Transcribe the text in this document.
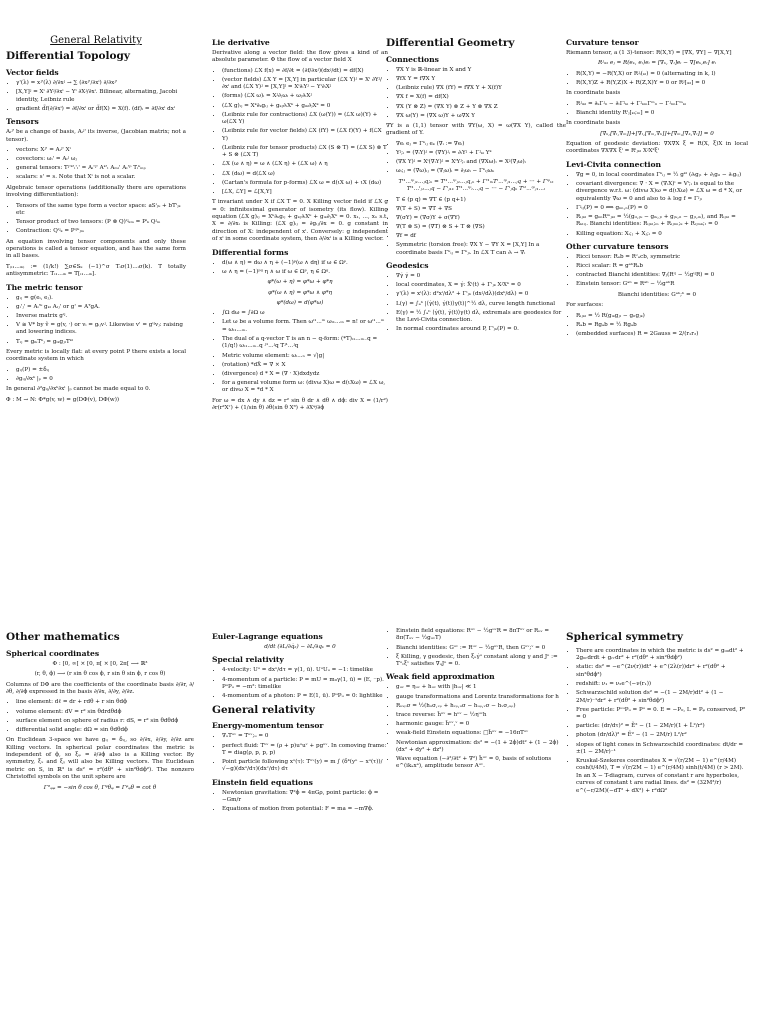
General Relativity
Differential Topology
Vector fields
• γ'(λ) = xʲ'(λ) ∂/∂xʲ → ∑ (∂xʲ'/∂xⁱ) ∂/∂xʲ'
• [X,Y]ʲ = Xⁱ ∂Yʲ/∂xⁱ − Yⁱ ∂Xʲ/∂xⁱ. Bilinear, alternating, Jacobi identity, Leibniz rule
• gradient d̃f(∂/∂xⁱ) = ∂f/∂xⁱ or d̃f(X) = X(f). (df)ᵢ = ∂f/∂xⁱ dxⁱ
Tensors

Aᵢʲ' be a change of basis, Aᵢʲ' its inverse, (Jacobian matrix; not a tensor).

• vectors: Xʲ' = Aᵢʲ' Xⁱ
• covectors: ωᵢ' = Aᵢʲ ωⱼ
• general tensors: Tʲ'ᵏ'ᵢ'ₗ' = Aᵢ'ʲ' Aᵏ'ₗ Aₘᵢ' Aₗ'ᵖ Tᵢᵏₘₚ
• scalars: s' = s. Note that Xⁱ is not a scalar.

Algebraic tensor operations (additionally there are operations involving differentiation):

• Tensors of the same type form a vector space: aSⁱⱼₖ + bTⁱⱼₖ etc
• Tensor product of two tensors: (P ⊗ Q)ⁱʲₖₘ = Pⁱₖ Qʲₘ
• Contraction: Qⁱʲₖ = Pⁱʲᵏⱼₘ

An equation involving tensor components and only these operations is called a tensor equation, and has the same form in all bases.

T₍ᵢ₁...ᵢₖ₎ := (1/k!) ∑σ∈Sₖ (−1)^σ Tᵢσ(1)...ᵢσ(k). T totally antisymmetric: Tᵢ₁...ᵢₖ = T[ᵢ₁...ᵢₖ].

The metric tensor
• gᵢⱼ = g(eᵢ, eⱼ).
• gᵢ'ⱼ' = Aᵢ'ᵏ gₖₗ Aₗⱼ' or g' = AᵀgA.
• Inverse matrix gⁱʲ.
• V ≅ V* by ṽ = g(v, ·) or vᵢ = gᵢⱼvʲ. Likewise v' = gⁱʲvⱼ: raising and lowering indices.
• Tᵢⱼ = gᵢₖTᵏⱼ = gᵢₖgⱼₗTᵏˡ

Every metric is locally flat: at every point P there exists a local coordinate system in which

• gᵢⱼ(P) = ±δᵢⱼ
• ∂gᵢⱼ/∂xᵏ |ₚ = 0

In general ∂²gᵢⱼ/∂xᵏ∂xˡ |ₚ cannot be made equal to 0.

Φ : M → N: Φ*g(v, w) = g(DΦ(v), DΦ(w))

Lie derivative

Derivative along a vector field: the flow gives a kind of an absolute parameter. Φ the flow of a vector field X

• (functions) ℒX f(x) = ∂f/∂t = (∂f/∂xʲ)(dxʲ/dt) = df(X)
• (vector fields) ℒX Y = [X,Y] in particular (ℒX Y)ʲ = Xⁱ ∂Yʲ/∂xⁱ and (ℒX Y)ʲ = [X,Y]ʲ = Xⁱ∂ᵢYʲ − Yⁱ∂ᵢXʲ
• (forms) (ℒX ω)ᵢ = Xʲ∂ⱼωᵢ + ωⱼ∂ᵢXʲ
• (ℒX g)ᵢⱼ = Xᵏ∂ₖgᵢⱼ + gₖⱼ∂ᵢXᵏ + gᵢₖ∂ⱼXᵏ = 0
• (Leibniz rule for contractions) ℒX (ω(Y)) = (ℒX ω)(Y) + ω(ℒX Y)
• (Leibniz rule for vector fields) ℒX (fY) = (ℒX f)(Y) + f(ℒX Y)
• (Leibniz rule for tensor products) ℒX (S ⊗ T) = (ℒX S) ⊗ T + S ⊗ (ℒX T)
• ℒX (ω ∧ η) = ω ∧ (ℒX η) + (ℒX ω) ∧ η
• ℒX (dω) = d(ℒX ω)
• (Cartan's formula for p-forms) ℒX ω = d(ιX ω) + ιX (dω)
• [ℒX, ℒY] = ℒ[X,Y]

T invariant under X if ℒX T = 0. X Killing vector field if ℒX g = 0: infinitesimal generator of isometry (its flow). Killing equation (ℒX g)ᵢⱼ = Xᵏ∂ₖgᵢⱼ + gₖⱼ∂ᵢXᵏ + gᵢₖ∂ⱼXᵏ = 0. x₁, ..., xₙ s.t. X = ∂/∂xᵢ is Killing: (ℒX g)ᵢⱼ = ∂gᵢⱼ/∂x = 0. g constant in direction of X: independent of xⁱ. Conversely: g independent of xⁱ in some coordinate system, then ∂/∂xⁱ is a Killing vector.

Differential forms
• d(ω ∧ η) = dω ∧ η + (−1)ᵖ(ω ∧ dη) if ω ∈ Ωᵖ.
• ω ∧ η = (−1)ᵖᵍ η ∧ ω if ω ∈ Ωᵖ, η ∈ Ωᵍ.
φ*(ω + η) = φ*ω + φ*η
φ*(ω ∧ η) = φ*ω ∧ φ*η
φ*(dω) = d(φ*ω)
• ∫Ω dω = ∫∂Ω ω
• Let ω be a volume form. Then ωⁱ¹...ⁱⁿ ωᵢ₁...ᵢₙ = n! or ωⁱ¹...ⁱⁿ = ωᵢ₁...ᵢₙ.
• The dual of a q-vector T is an n − q-form: (*T)ᵢ₁...ᵢₙ₋q = (1/q!) ωᵢ₁...ᵢₙ₋q ʲ¹...ʲq Tʲ¹...ʲq
• Metric volume element: ωᵢ...ₙ = √|g|
• (rotation) *dX̃ = ∇ × X
• (divergence) d * X = (∇ · X)dxdydz
• for a general volume form ω: (divω X)ω = d(ιXω) = ℒX ω, or divω X = *d * X

For ω = dx ∧ dy ∧ dz = r² sin θ dr ∧ dθ ∧ dϕ: div X = (1/r²) ∂r(r²Xʳ) + (1/sin θ) ∂θ(sin θ Xᶿ) + ∂Xᵠ/∂ϕ

Differential Geometry
Connections
• ∇X Y is ℝ-linear in X and Y
• ∇fX Y = f∇X Y
• (Leibniz rule) ∇X (fY) = f∇X Y + X(f)Y
• ∇X f = X(f) = df(X)
• ∇X (Y ⊗ Z) = (∇X Y) ⊗ Z + Y ⊗ ∇X Z
• ∇X ω(Y) = (∇X ω)Y + ω∇X Y

∇Y is a (1,1) tensor with ∇Y(ω, X) = ω(∇X Y), called the gradient of Y.

• ∇eᵢ eⱼ = Γᵏᵢⱼ eₖ (∇ᵢ := ∇eᵢ)
• Yʲ;ᵢ = (∇ᵢY)ʲ = (∇Y)ʲᵢ = ∂ᵢYʲ + Γʲₖᵢ Yᵏ
• (∇X Y)ʲ = Xⁱ(∇ᵢY)ʲ = XⁱYʲ;ᵢ and (∇Xω)ᵢ = Xʲ(∇ⱼω)ᵢ
• ωᵢ;ⱼ = (∇ω)ᵢⱼ = (∇ⱼω)ᵢ = ∂ⱼωᵢ − Γᵏᵢⱼωₖ
Tⁱ¹...ⁱᵖⱼ₁...ⱼq;ₖ = Tⁱ¹...ⁱᵖⱼ₁...ⱼq,ₖ + Γⁱ¹ₗₖTˡ...ⁱᵖⱼ₁...ⱼq + ··· + Γⁱᵖₗₖ Tⁱ¹...ˡⱼ₁...ⱼq − Γˡⱼ₁ₖ Tⁱ¹...ⁱᵖₗ...ⱼq − ··· − Γˡⱼqₖ Tⁱ¹...ⁱᵖⱼ₁...ₗ
• T ∈ (p q) ⇒ ∇T ∈ (p q+1)
• ∇(T + S) = ∇T + ∇S
• ∇(σY) = (∇σ)Y + σ(∇Y)
• ∇(T ⊗ S) = (∇T) ⊗ S + T ⊗ (∇S)
• ∇f = df
• Symmetric (torsion free): ∇X Y − ∇Y X = [X,Y] In a coordinate basis Γᵏᵢⱼ = Γᵏⱼᵢ. In ℒX T can ∂ᵢ → ∇ᵢ
Geodesics
• ∇γ̇ γ̇ = 0
• local coordinates, X = γ̇: Ẍⁱ(t) + Γⁱⱼₖ XʲXᵏ = 0
• γ'(λ) = xⁱ(λ): d²xⁱ/dλ² + Γⁱⱼₖ (dxʲ/dλ)(dxᵏ/dλ) = 0
• L(γ) = ∫ₐᵇ |⟨γ̇(t), γ̇(t)⟩γ(t)|^½ dλ, curve length functional
• E(γ) = ½ ∫ₐᵇ ⟨γ̇(t), γ̇(t)⟩γ(t) dλ, extremals are geodesics for the Levi-Civita connection.
• In normal coordinates around P, Γⁱⱼₖ(P) = 0.
Curvature tensor

Riemann tensor, a (1 3)-tensor: R(X,Y) = [∇X, ∇Y] − ∇[X,Y]

Rʲᵢₖₗ eⱼ = R(eₖ, eₗ)eᵢ = [∇ₖ, ∇ₗ]eᵢ − ∇[eₖ,eₗ] eᵢ
• R(X,Y) = −R(Y,X) or Rʲᵢ(ₖₗ) = 0 (alternating in k, l)
• R(X,Y)Z + R(Y,Z)X + R(Z,X)Y = 0 or Rʲ[ᵢₖₗ] = 0

In coordinate basis

• Rʲᵢₖₗ = ∂ₖΓʲₗᵢ − ∂ₗΓʲₖᵢ + ΓʲₖₘΓᵐₗᵢ − ΓʲₗₘΓᵐₖᵢ
• Bianchi identity Rⁱⱼ[ₖₗ;ₘ] = 0

In coordinate basis

[∇ₖ,[∇ₗ,∇ₘ]]+[∇ₗ,[∇ₘ,∇ₖ]]+[∇ₘ,[∇ₖ,∇ₗ]] = 0

Equation of geodesic deviation: ∇X∇X ξ = R(X, ξ)X in local coordinates ∇X∇X ξⁱ = Rⁱⱼₖₗ XʲXᵏξˡ

Levi-Civita connection
• ∇g = 0, in local coordinates Γᵏᵢⱼ = ½ gᵏˡ (∂ᵢgⱼₗ + ∂ⱼgᵢₗ − ∂ₗgᵢⱼ)
• covariant divergence: ∇ · X = (∇ᵢX)ⁱ = Vⁱ;ᵢ is equal to the divergence w.r.t. ω: (divω X)ω = d(ιXω) = ℒX ω = d * X, or equivalently ∇ω = 0 and also to ∂ᵢ log f = Γʲⱼᵢ
• Γʲᵢⱼ(P) = 0 ⟺ gᵢₘ,ₙ(P) = 0
• Rᵢⱼₖₗ = gᵢₘRᵐⱼₖₗ = ½(gᵢₗ,ⱼₖ − gᵢₖ,ⱼₗ + gⱼₖ,ᵢₗ − gⱼₗ,ᵢₖ), and Rᵢⱼₖₗ = Rₖₗᵢⱼ. Bianchi identities: Rᵢⱼₖₗ;ₘ + Rᵢⱼₗₘ;ₖ + Rᵢⱼₘₖ;ₗ = 0
• Killing equation: Xᵢ;ⱼ + Xⱼ;ᵢ = 0
Other curvature tensors
• Ricci tensor: Rₐb = Rᶜₐcb, symmetric
• Ricci scalar: R = gᵃᵇRₐb
• contracted Bianchi identities: ∇ⱼ(Rⁱʲ − ½gⁱʲR) = 0
• Einstein tensor: Gᵃᵇ = Rᵃᵇ − ½gᵃᵇR
Bianchi identities: Gᵃᵇ;ᵇ = 0

For surfaces:

• Rᵢⱼₖₗ = ½ R(gᵢₖgⱼₗ − gᵢₗgⱼₖ)
• Rₐb = Rgₐb = ½ Rgₐb
• (embedded surfaces) R = 2Gauss = 2/(r₁r₂)
Other mathematics
Spherical coordinates
Φ : [0, ∞[ × [0, π[ × [0, 2π[ ⟶ ℝ³
(r, θ, ϕ) ⟶ (r sin θ cos ϕ, r sin θ sin ϕ, r cos θ)

Columns of DΦ are the coefficients of the coordinate basis ∂/∂r, ∂/∂θ, ∂/∂ϕ expressed in the basis ∂/∂x, ∂/∂y, ∂/∂z.

• line element: dℓ = dr + rdθ + r sin θdϕ
• volume element: dV = r² sin θdrdθdϕ
• surface element on sphere of radius r: dS, = r² sin θdθdϕ
• differential solid angle: dΩ = sin θdθdϕ

On Euclidean 3-space we have gᵢⱼ = δᵢⱼ, so ∂/∂x, ∂/∂y, ∂/∂z are Killing vectors. In spherical polar coordinates the metric is independent of ϕ, so ξᵩ = ∂/∂ϕ also is a Killing vector. By symmetry, ξₓ and ξᵧ will also be Killing vectors. The Euclidean metric on S, in ℝ³ is ds² = r²(dθ² + sin²θdϕ²). The nonzero Christoffel symbols on the unit sphere are

Γᶿᵩᵩ = −sin θ cos θ, Γᵠθᵩ = Γᵠᵩθ = cot θ
Euler-Lagrange equations
d/dt (∂L/∂q̇ₖ) − ∂L/∂qₖ = 0
Special relativity
• 4-velocity: Uᵘ = dxᵘ/dτ = γ(1, ū). UᵘUᵤ = −1: timelike
• 4-momentum of a particle: P = mU = m₀γ(1, ū) = (E, ⁻p). PᵘPᵤ = −m²: timelike
• 4-momentum of a photon: P = E(1, ū). PᵘPᵤ = 0: lightlike
General relativity
Energy-momentum tensor
• ∇ᵤTᵘᵛ = Tᵘᵛ;ᵤ = 0
• perfect fluid: Tᵘᵛ = (ρ + p)uᵘuᵛ + pgᵘᵛ. In comoving frame: T = diag(ρ, p, p, p)
• Point particle following xᵘ(τ): Tᵘᵛ(y) = m ∫ (δ⁴(yᵘ − xᵘ(τ))/√−g)(dxᵘ/dτ)(dxᵛ/dτ) dτ
Einstein field equations
• Newtonian gravitation: ∇²ϕ = 4πGρ, point particle: ϕ = −Gm/r
• Equations of motion from potential: F = ma = −m∇ϕ.
• Einstein field equations: Rᵘᵛ − ½gᵘᵛR = 8πTᵘᵛ or Rᵤᵥ = 8π(Tᵤᵥ − ½gᵤᵥT)
• Bianchi identities: Gᵘᵛ := Rᵘᵛ − ½gᵘᵛR, then Gᵘᵛ;ᵛ = 0
• ξ Killing, γ geodesic, then ξᵤγ̇ᵘ constant along γ and Jᵘ := Tᵘᵥξᵛ satisfies ∇ᵤJᵘ = 0.
Weak field approximation
• gᵤᵥ = ηᵤᵥ + hᵤᵥ with |hᵤᵥ| ≪ 1
• gauge transformations and Lorentz transformations for h
• Rᵤᵥᵨσ = ½(hᵤσ,ᵥᵨ + hᵥᵨ,ᵤσ − hᵤᵨ,ᵥσ − hᵥσ,ᵤᵨ)
• trace reverse: h̄ᵘᵛ = hᵘᵛ − ½ηᵘᵛh
• harmonic gauge: h̄ᵘᵛ,ᵛ = 0
• weak-field Einstein equations: □h̄ᵘᵛ = −16πTᵘᵛ
• Newtonian approximation: ds² = −(1 + 2ϕ)dt² + (1 − 2ϕ)(dx² + dy² + dz²)
• Wave equation (−∂²/∂t² + ∇²) h̄ᵘᵛ = 0, basis of solutions e^(ikₐxᵃ), amplitude tensor Aᵘᵛ.
Spherical symmetry
• There are coordinates in which the metric is ds² = g₀₀dt² + 2g₀ᵣdrdt + gᵣᵣdr² + r²(dθ² + sin²θdϕ²)
• static: ds² = −e^(2ν(r))dt² + e^(2λ(r))dr² + r²(dθ² + sin²θdϕ²)
• redshift: ν₁ = ν₂e^(−ν(r₁))
• Schwarzschild solution ds² = −(1 − 2M/r)dt² + (1 − 2M/r)⁻¹dr² + r²(dθ² + sin²θdϕ²)
• Free particle: PᵘᵘPᵤ = Pᵘ = 0. E = −P₀, L = Pᵩ conserved, Pᶿ = 0
• particle: (dr/dτ)² = Ẽ² − (1 − 2M/r)(1 + L̃²/r²)
• photon (dr/dλ)² = Ẽ² − (1 − 2M/r) L²/r²
• slopes of light cones in Schwarzschild coordinates: dt/dr = ±(1 − 2M/r)⁻¹
• Kruskal-Szekeres coordinates X = √(r/2M − 1) e^(r/4M) cosh(t/4M), T = √(r/2M − 1) e^(r/4M) sinh(t/4M) (r > 2M). In an X − T-diagram, curves of constant r are hyperboles, curves of constant t are radial lines. ds² = (32M³/r) e^(−r/2M)(−dT² + dX²) + r²dΩ²
